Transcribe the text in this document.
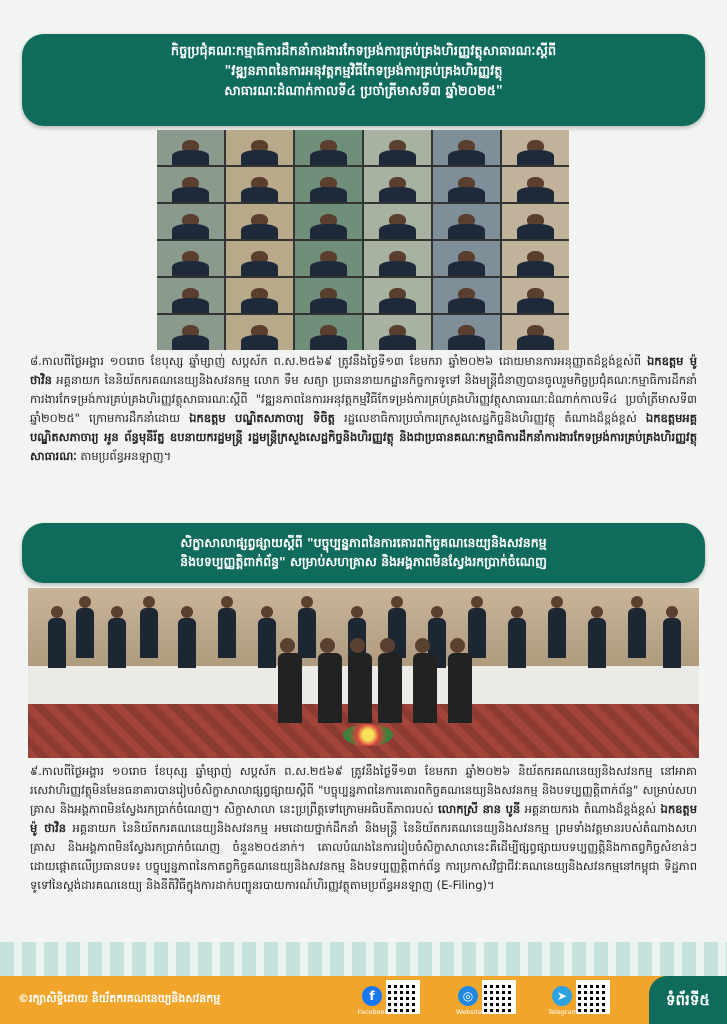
កិច្ចប្រជុំគណៈកម្មាធិការដឹកនាំការងារកែទម្រង់ការគ្រប់គ្រងហិរញ្ញវត្ថុសាធារណៈស្តីពី
"វឌ្ឍនភាពនៃការអនុវត្តកម្មវិធីកែទម្រង់ការគ្រប់គ្រងហិរញ្ញវត្ថុ
សាធារណៈដំណាក់កាលទី៤ ប្រចាំត្រីមាសទី៣ ឆ្នាំ២០២៥"

៨.កាលពីថ្ងៃអង្គារ ១០រោច ខែបុស្ស ឆ្នាំម្សាញ់ សប្តស័ក ព.ស.២៥៦៩ ត្រូវនឹងថ្ងៃទី១៣ ខែមករា ឆ្នាំ២០២៦ ដោយមានការអនុញ្ញាតដ៏ខ្ពង់ខ្ពស់ពី ឯកឧត្តម ម៉ូ ថាវិន អគ្គនាយក នៃនិយ័តករគណនេយ្យនិងសវនកម្ម លោក ទឹម សត្យា ប្រធាននាយកដ្ឋានកិច្ចការទូទៅ និងមន្ត្រីជំនាញបានចូលរួមកិច្ចប្រជុំគណៈកម្មាធិការដឹកនាំការងារកែទម្រង់ការគ្រប់គ្រងហិរញ្ញវត្ថុសាធារណៈស្តីពី "វឌ្ឍនភាពនៃការអនុវត្តកម្មវិធីកែទម្រង់ការគ្រប់គ្រងហិរញ្ញវត្ថុសាធារណៈដំណាក់កាលទី៤ ប្រចាំត្រីមាសទី៣ ឆ្នាំ២០២៥" ក្រោមការដឹកនាំដោយ ឯកឧត្តម បណ្ឌិតសភាចារ្យ ទិចិត្ត រដ្ឋលេខាធិការប្រចាំការក្រសួងសេដ្ឋកិច្ចនិងហិរញ្ញវត្ថុ តំណាងដ៏ខ្ពង់ខ្ពស់ ឯកឧត្តមអគ្គបណ្ឌិតសភាចារ្យ អូន ព័ន្ធមុនីរ័ត្ន ឧបនាយករដ្ឋមន្ត្រី រដ្ឋមន្ត្រីក្រសួងសេដ្ឋកិច្ចនិងហិរញ្ញវត្ថុ និងជាប្រធានគណៈកម្មាធិការដឹកនាំការងារកែទម្រង់ការគ្រប់គ្រងហិរញ្ញវត្ថុសាធារណៈ តាមប្រព័ន្ធអនឡាញ។

សិក្ខាសាលាផ្សព្វផ្សាយស្តីពី "បច្ចុប្បន្នភាពនៃការគោរពកិច្ចគណនេយ្យនិងសវនកម្ម
និងបទប្បញ្ញត្តិពាក់ព័ន្ធ" សម្រាប់សហគ្រាស និងអង្គភាពមិនស្វែងរកប្រាក់ចំណេញ

៩.កាលពីថ្ងៃអង្គារ ១០រោច ខែបុស្ស ឆ្នាំម្សាញ់ សប្តស័ក ព.ស.២៥៦៩ ត្រូវនឹងថ្ងៃទី១៣ ខែមករា ឆ្នាំ២០២៦ និយ័តករគណនេយ្យនិងសវនកម្ម នៅអាគារសេវាហិរញ្ញវត្ថុមិនមែនធនាគារបានរៀបចំសិក្ខាសាលាផ្សព្វផ្សាយស្តីពី "បច្ចុប្បន្នភាពនៃការគោរពកិច្ចគណនេយ្យនិងសវនកម្ម និងបទប្បញ្ញត្តិពាក់ព័ន្ធ" សម្រាប់សហគ្រាស និងអង្គភាពមិនស្វែងរកប្រាក់ចំណេញ។ សិក្ខាសាលា នេះប្រព្រឹត្តទៅក្រោមអធិបតីភាពរបស់ លោកស្រី នាន បូនី អគ្គនាយករង តំណាងដ៏ខ្ពង់ខ្ពស់ ឯកឧត្តម ម៉ូ ថាវិន អគ្គនាយក នៃនិយ័តករគណនេយ្យនិងសវនកម្ម អមដោយថ្នាក់ដឹកនាំ និងមន្ត្រី នៃនិយ័តករគណនេយ្យនិងសវនកម្ម ព្រមទាំងវត្តមានរបស់តំណាងសហគ្រាស និងអង្គភាពមិនស្វែងរកប្រាក់ចំណេញ ចំនួន២០៥នាក់។ គោលបំណងនៃការរៀបចំសិក្ខាសាលានេះគឺដើម្បីផ្សព្វផ្សាយបទប្បញ្ញត្តិនិងកាតព្វកិច្ចសំខាន់ៗ ដោយផ្តោតលើប្រធានបទ៖ បច្ចុប្បន្នភាពនៃកាតព្វកិច្ចគណនេយ្យនិងសវនកម្ម និងបទប្បញ្ញត្តិពាក់ព័ន្ធ ការប្រកាសវិជ្ជាជីវៈគណនេយ្យនិងសវនកម្មនៅកម្ពុជា ទិដ្ឋភាពទូទៅនៃស្តង់ដារគណនេយ្យ និងនីតិវិធីក្នុងការដាក់បញ្ជូនរបាយការណ៍ហិរញ្ញវត្ថុតាមប្រព័ន្ធអនឡាញ (E-Filing)។

©រក្សាសិទ្ធិដោយ និយ័តករគណនេយ្យនិងសវនកម្ម	f
Facebook
◎
Website
➤
Telegram
ទំព័រទី៥
